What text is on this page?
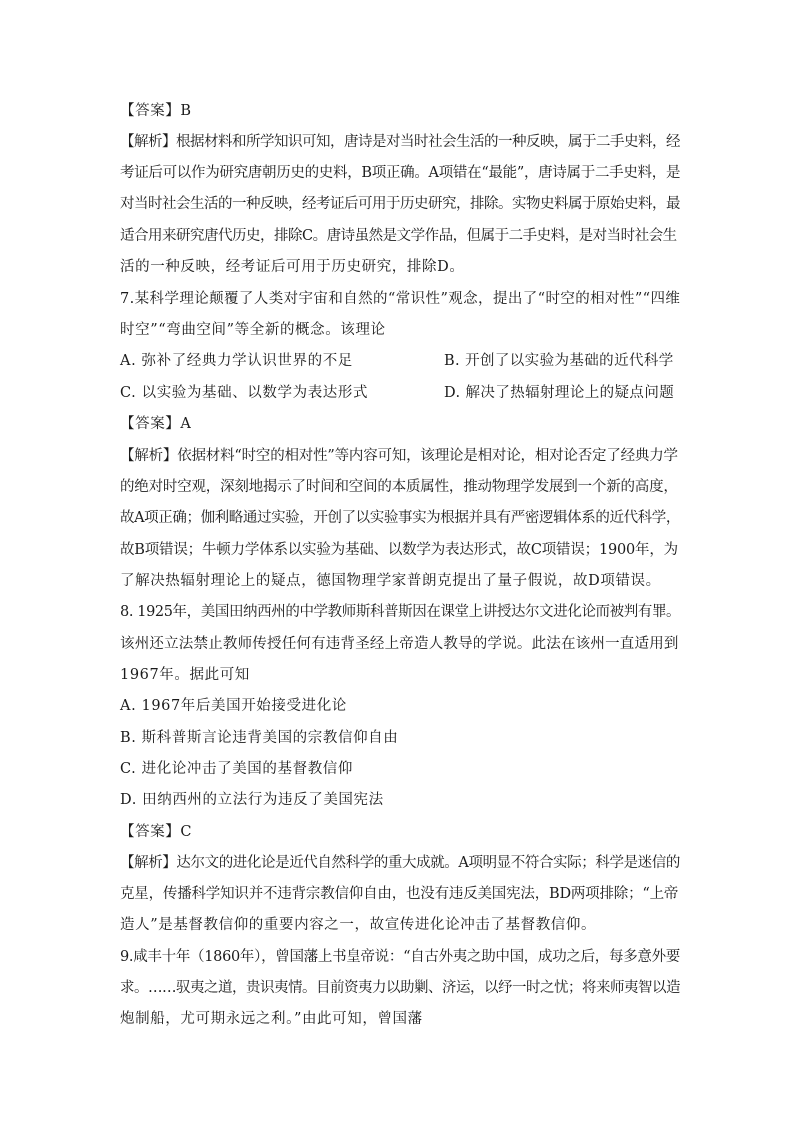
【答案】B
【解析】根据材料和所学知识可知，唐诗是对当时社会生活的一种反映，属于二手史料，经
考证后可以作为研究唐朝历史的史料，B项正确。A项错在“最能”，唐诗属于二手史料，是
对当时社会生活的一种反映，经考证后可用于历史研究，排除。实物史料属于原始史料，最
适合用来研究唐代历史，排除C。唐诗虽然是文学作品，但属于二手史料，是对当时社会生
活的一种反映，经考证后可用于历史研究，排除D。
7.某科学理论颠覆了人类对宇宙和自然的“常识性”观念，提出了“时空的相对性”“四维
时空”“弯曲空间”等全新的概念。该理论
A. 弥补了经典力学认识世界的不足	B. 开创了以实验为基础的近代科学
C. 以实验为基础、以数学为表达形式	D. 解决了热辐射理论上的疑点问题
【答案】A
【解析】依据材料“时空的相对性”等内容可知，该理论是相对论，相对论否定了经典力学
的绝对时空观，深刻地揭示了时间和空间的本质属性，推动物理学发展到一个新的高度，
故A项正确；伽利略通过实验，开创了以实验事实为根据并具有严密逻辑体系的近代科学，
故B项错误；牛顿力学体系以实验为基础、以数学为表达形式，故C项错误；1900年，为
了解决热辐射理论上的疑点，德国物理学家普朗克提出了量子假说，故D项错误。
8. 1925年，美国田纳西州的中学教师斯科普斯因在课堂上讲授达尔文进化论而被判有罪。
该州还立法禁止教师传授任何有违背圣经上帝造人教导的学说。此法在该州一直适用到
1967年。据此可知
A. 1967年后美国开始接受进化论
B. 斯科普斯言论违背美国的宗教信仰自由
C. 进化论冲击了美国的基督教信仰
D. 田纳西州的立法行为违反了美国宪法
【答案】C
【解析】达尔文的进化论是近代自然科学的重大成就。A项明显不符合实际；科学是迷信的
克星，传播科学知识并不违背宗教信仰自由，也没有违反美国宪法，BD两项排除；“上帝
造人”是基督教信仰的重要内容之一，故宣传进化论冲击了基督教信仰。
9.咸丰十年（1860年），曾国藩上书皇帝说：“自古外夷之助中国，成功之后，每多意外要
求。……驭夷之道，贵识夷情。目前资夷力以助剿、济运，以纾一时之忧；将来师夷智以造
炮制船，尤可期永远之利。”由此可知，曾国藩
